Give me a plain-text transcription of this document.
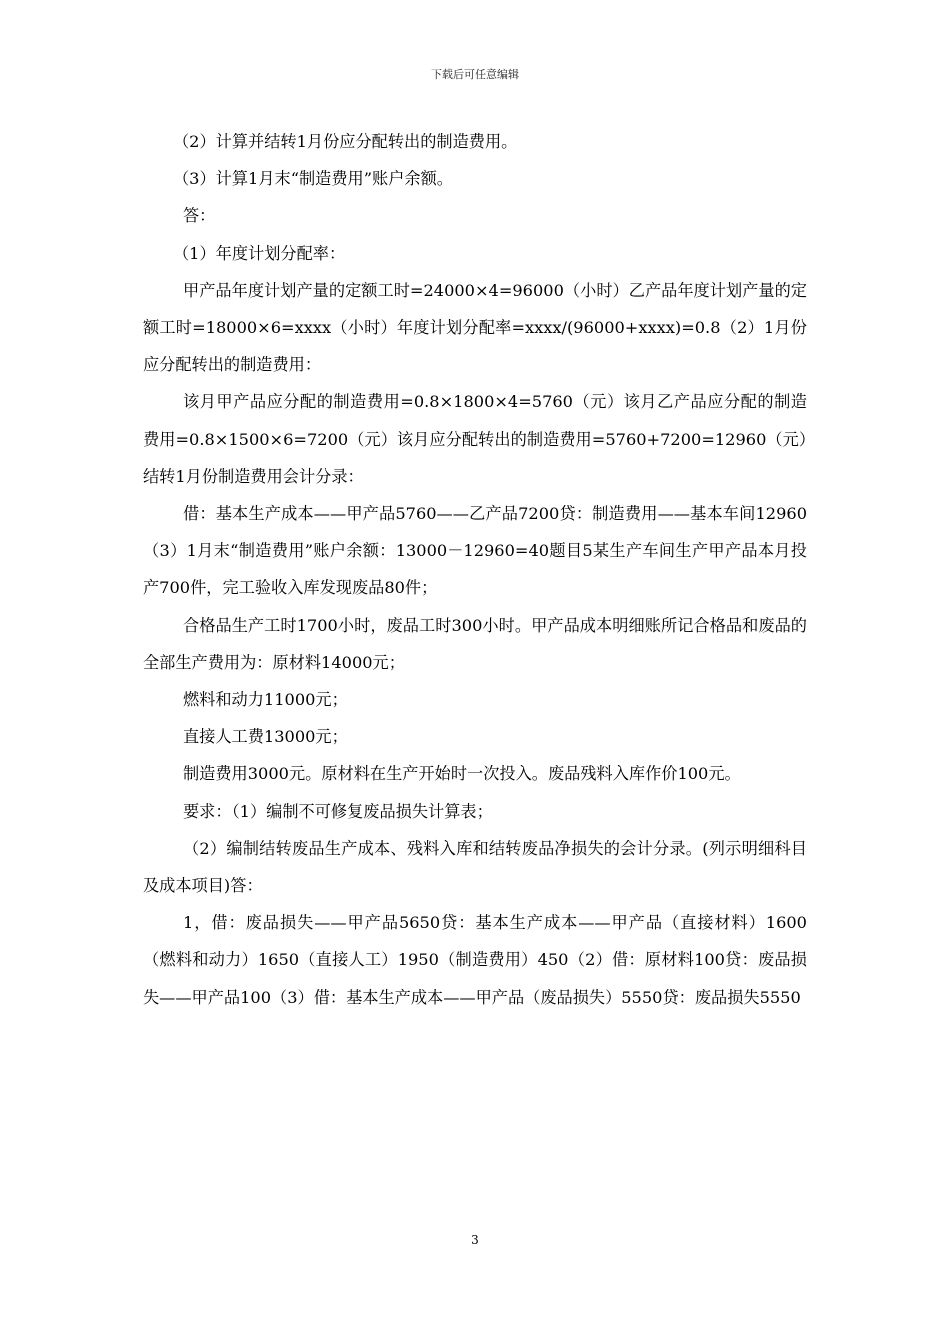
下载后可任意编辑

（2）计算并结转1月份应分配转出的制造费用。

（3）计算1月末“制造费用”账户余额。

答：

（1）年度计划分配率：

甲产品年度计划产量的定额工时=24000×4=96000（小时）乙产品年度计划产量的定额工时=18000×6=xxxx（小时）年度计划分配率=xxxx/(96000+xxxx)=0.8（2）1月份应分配转出的制造费用：

该月甲产品应分配的制造费用=0.8×1800×4=5760（元）该月乙产品应分配的制造费用=0.8×1500×6=7200（元）该月应分配转出的制造费用=5760+7200=12960（元）结转1月份制造费用会计分录：

借：基本生产成本——甲产品5760——乙产品7200贷：制造费用——基本车间12960（3）1月末“制造费用”账户余额：13000－12960=40题目5某生产车间生产甲产品本月投产700件，完工验收入库发现废品80件；

合格品生产工时1700小时，废品工时300小时。甲产品成本明细账所记合格品和废品的全部生产费用为：原材料14000元；

燃料和动力11000元；

直接人工费13000元；

制造费用3000元。原材料在生产开始时一次投入。废品残料入库作价100元。

要求：（1）编制不可修复废品损失计算表；

（2）编制结转废品生产成本、残料入库和结转废品净损失的会计分录。(列示明细科目及成本项目)答：

1，借：废品损失——甲产品5650贷：基本生产成本——甲产品（直接材料）1600（燃料和动力）1650（直接人工）1950（制造费用）450（2）借：原材料100贷：废品损失——甲产品100（3）借：基本生产成本——甲产品（废品损失）5550贷：废品损失5550

3
